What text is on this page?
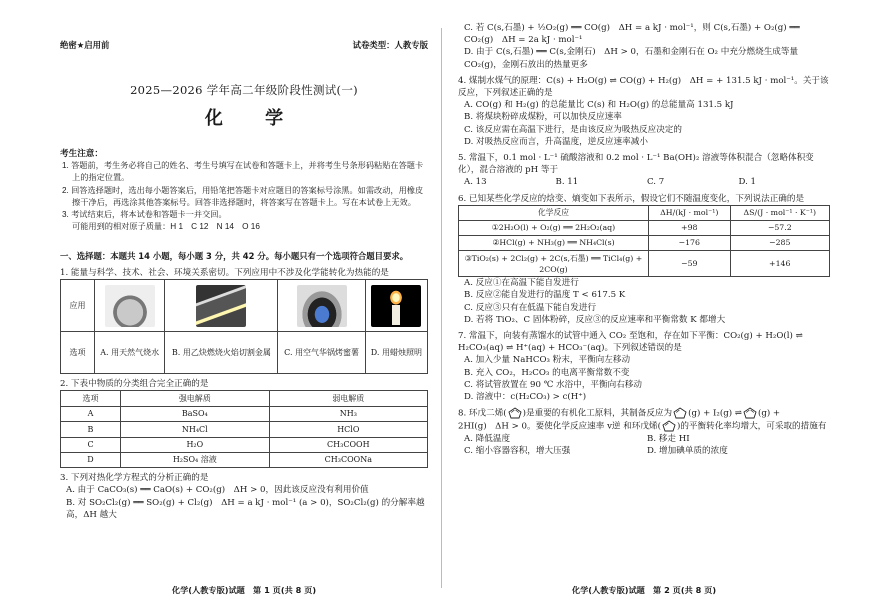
绝密★启用前	试卷类型：人教专版
2025—2026 学年高二年级阶段性测试(一)
化 学
考生注意：
1. 答题前，考生务必将自己的姓名、考生号填写在试卷和答题卡上，并将考生号条形码粘贴在答题卡上的指定位置。
2. 回答选择题时，选出每小题答案后，用铅笔把答题卡对应题目的答案标号涂黑。如需改动，用橡皮擦干净后，再选涂其他答案标号。回答非选择题时，将答案写在答题卡上。写在本试卷上无效。
3. 考试结束后，将本试卷和答题卡一并交回。
可能用到的相对原子质量：H 1　C 12　N 14　O 16
一、选择题：本题共 14 小题，每小题 3 分，共 42 分。每小题只有一个选项符合题目要求。
1. 能量与科学、技术、社会、环境关系密切。下列应用中不涉及化学能转化为热能的是
应用	

选项	A. 用天然气烧水	B. 用乙炔燃烧火焰切割金属	C. 用空气华锅烤蜜薯	D. 用蜡烛照明
2. 下表中物质的分类组合完全正确的是
选项	强电解质	弱电解质
A	BaSO₄	NH₃
B	NH₄Cl	HClO
C	H₂O	CH₃COOH
D	H₂SO₄ 溶液	CH₃COONa
3. 下列对热化学方程式的分析正确的是
A. 由于 CaCO₃(s) ══ CaO(s) + CO₂(g)　ΔH > 0，因此该反应没有利用价值
B. 对 SO₂Cl₂(g) ══ SO₂(g) + Cl₂(g)　ΔH = a kJ · mol⁻¹ (a > 0)，SO₂Cl₂(g) 的分解率越高，ΔH 越大
化学(人教专版)试题　第 1 页(共 8 页)
C. 若 C(s,石墨) + ½O₂(g) ══ CO(g)　ΔH = a kJ · mol⁻¹，则 C(s,石墨) + O₂(g) ══ CO₂(g)　ΔH = 2a kJ · mol⁻¹
D. 由于 C(s,石墨) ══ C(s,金刚石)　ΔH > 0，石墨和金刚石在 O₂ 中充分燃烧生成等量 CO₂(g)，金刚石放出的热量更多
4. 煤制水煤气的原理：C(s) + H₂O(g) ⇌ CO(g) + H₂(g)　ΔH = + 131.5 kJ · mol⁻¹。关于该反应，下列叙述正确的是
A. CO(g) 和 H₂(g) 的总能量比 C(s) 和 H₂O(g) 的总能量高 131.5 kJ
B. 将煤块粉碎成煤粉，可以加快反应速率
C. 该反应需在高温下进行，是由该反应为吸热反应决定的
D. 对吸热反应而言，升高温度，逆反应速率减小
5. 常温下，0.1 mol · L⁻¹ 硫酸溶液和 0.2 mol · L⁻¹ Ba(OH)₂ 溶液等体积混合（忽略体积变化），混合溶液的 pH 等于
A. 13	B. 11	C. 7	D. 1
6. 已知某些化学反应的焓变、熵变如下表所示，假设它们不随温度变化，下列说法正确的是
化学反应	ΔH/(kJ · mol⁻¹)	ΔS/(J · mol⁻¹ · K⁻¹)
①2H₂O(l) + O₂(g) ══ 2H₂O₂(aq)	+98	−57.2
②HCl(g) + NH₃(g) ══ NH₄Cl(s)	−176	−285
③TiO₂(s) + 2Cl₂(g) + 2C(s,石墨) ══ TiCl₄(g) + 2CO(g)	−59	+146
A. 反应①在高温下能自发进行
B. 反应②能自发进行的温度 T < 617.5 K
C. 反应③只有在低温下能自发进行
D. 若将 TiO₂、C 固体粉碎，反应③的反应速率和平衡常数 K 都增大
7. 常温下，向装有蒸馏水的试管中通入 CO₂ 至饱和，存在如下平衡：CO₂(g) + H₂O(l) ⇌ H₂CO₃(aq) ⇌ H⁺(aq) + HCO₃⁻(aq)。下列叙述错误的是
A. 加入少量 NaHCO₃ 粉末，平衡向左移动
B. 充入 CO₂，H₂CO₃ 的电离平衡常数不变
C. 将试管放置在 90 ℃ 水浴中，平衡向右移动
D. 溶液中：c(H₂CO₃) > c(H⁺)
8. 环戊二烯( )是重要的有机化工原料，其制备反应为 (g) + I₂(g) ⇌ (g) +
2HI(g)　ΔH > 0。要使化学反应速率 v逆 和环戊烯( )的平衡转化率均增大，可采取的措施有
A. 降低温度	B. 移走 HI
C. 缩小容器容积，增大压强	D. 增加碘单质的浓度
化学(人教专版)试题　第 2 页(共 8 页)
